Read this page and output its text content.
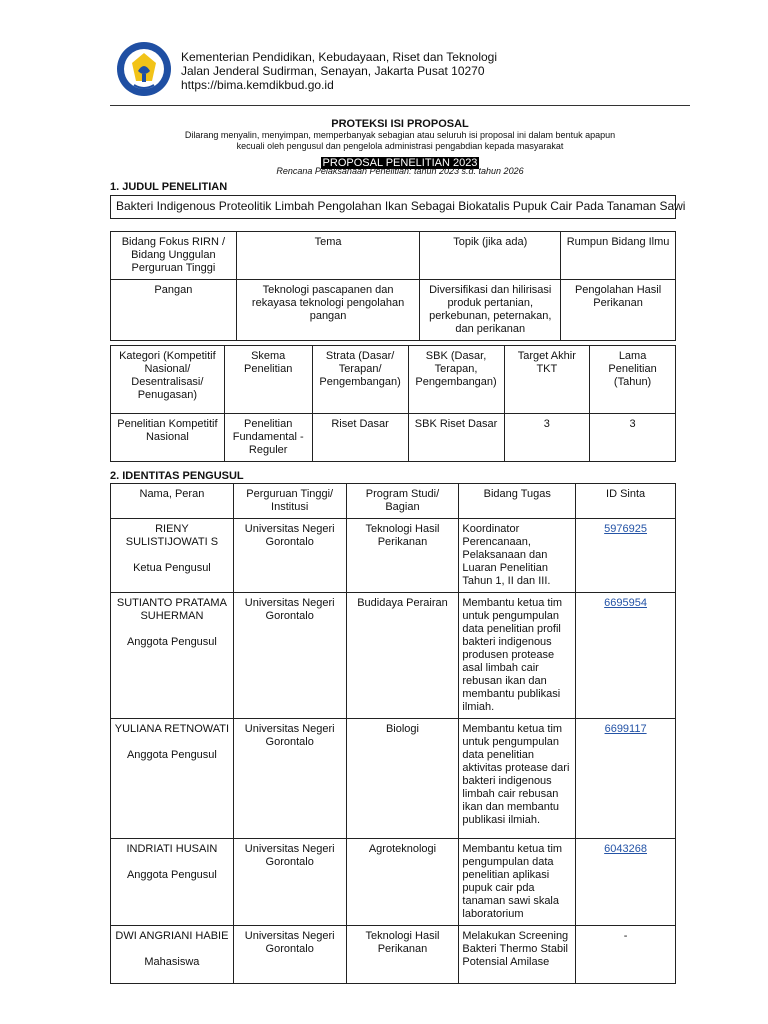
Kementerian Pendidikan, Kebudayaan, Riset dan Teknologi
Jalan Jenderal Sudirman, Senayan, Jakarta Pusat 10270
https://bima.kemdikbud.go.id
PROTEKSI ISI PROPOSAL
Dilarang menyalin, menyimpan, memperbanyak sebagian atau seluruh isi proposal ini dalam bentuk apapun
kecuali oleh pengusul dan pengelola administrasi pengabdian kepada masyarakat
PROPOSAL PENELITIAN 2023
Rencana Pelaksanaan Penelitian: tahun 2023 s.d. tahun 2026
1. JUDUL PENELITIAN
Bakteri Indigenous Proteolitik Limbah Pengolahan Ikan Sebagai Biokatalis Pupuk Cair Pada Tanaman Sawi
Bidang Fokus RIRN / Bidang Unggulan Perguruan Tinggi	Tema	Topik (jika ada)	Rumpun Bidang Ilmu
Pangan	Teknologi pascapanen dan rekayasa teknologi pengolahan pangan	Diversifikasi dan hilirisasi produk pertanian, perkebunan, peternakan, dan perikanan	Pengolahan Hasil Perikanan
Kategori (Kompetitif Nasional/ Desentralisasi/ Penugasan)	Skema Penelitian	Strata (Dasar/ Terapan/ Pengembangan)	SBK (Dasar, Terapan, Pengembangan)	Target Akhir TKT	Lama Penelitian (Tahun)
Penelitian Kompetitif Nasional	Penelitian Fundamental - Reguler	Riset Dasar	SBK Riset Dasar	3	3
2. IDENTITAS PENGUSUL
Nama, Peran	Perguruan Tinggi/ Institusi	Program Studi/ Bagian	Bidang Tugas	ID Sinta

RIENY SULISTIJOWATI S
Ketua Pengusul	Universitas Negeri Gorontalo	Teknologi Hasil Perikanan	Koordinator Perencanaan, Pelaksanaan dan Luaran Penelitian Tahun 1, II dan III.	5976925

SUTIANTO PRATAMA SUHERMAN
Anggota Pengusul	Universitas Negeri Gorontalo	Budidaya Perairan	Membantu ketua tim untuk pengumpulan data penelitian profil bakteri indigenous produsen protease asal limbah cair rebusan ikan dan membantu publikasi ilmiah.	6695954

YULIANA RETNOWATI
Anggota Pengusul	Universitas Negeri Gorontalo	Biologi	Membantu ketua tim untuk pengumpulan data penelitian aktivitas protease dari bakteri indigenous limbah cair rebusan ikan dan membantu publikasi ilmiah.	6699117

INDRIATI HUSAIN
Anggota Pengusul	Universitas Negeri Gorontalo	Agroteknologi	Membantu ketua tim pengumpulan data penelitian aplikasi pupuk cair pda tanaman sawi skala laboratorium	6043268

DWI ANGRIANI HABIE
Mahasiswa	Universitas Negeri Gorontalo	Teknologi Hasil Perikanan	Melakukan Screening Bakteri Thermo Stabil Potensial Amilase	-
